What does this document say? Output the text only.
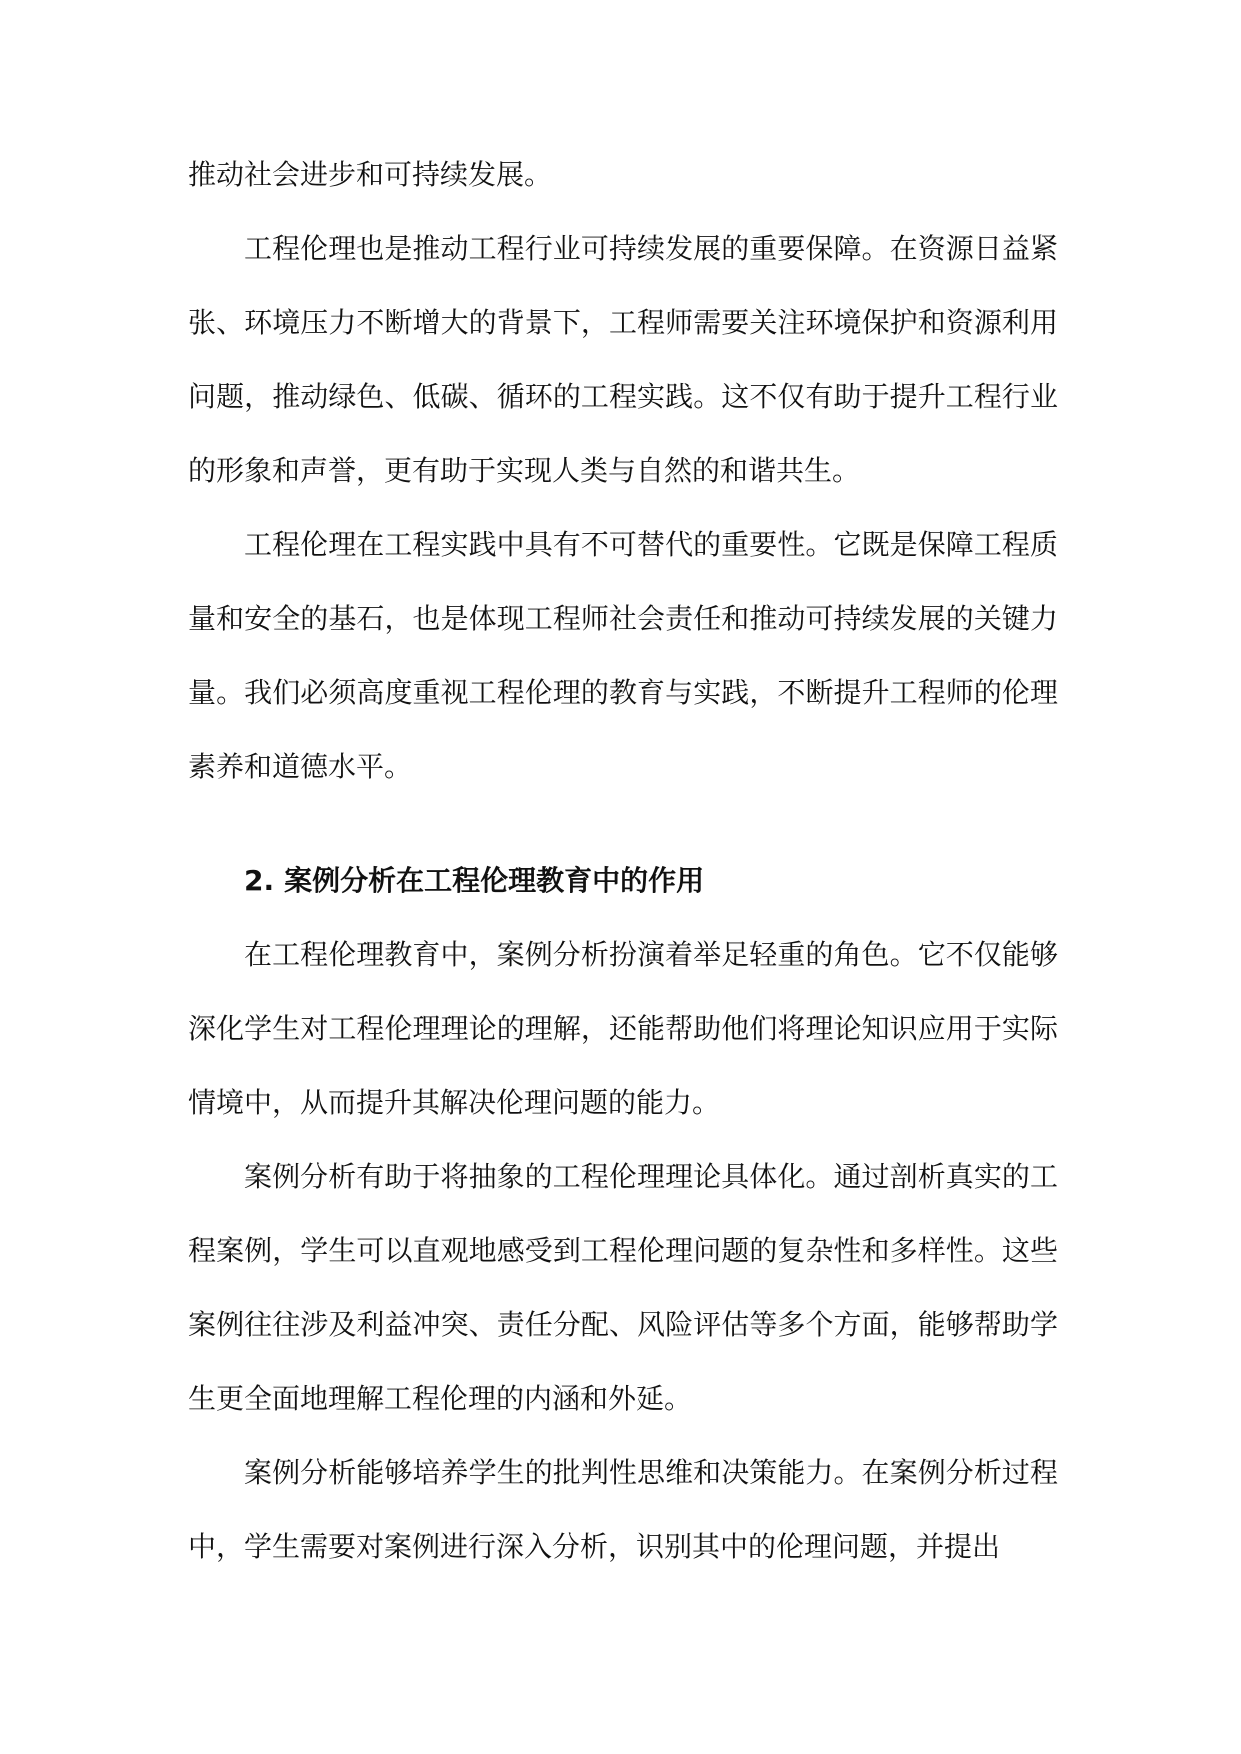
推动社会进步和可持续发展。

工程伦理也是推动工程行业可持续发展的重要保障。在资源日益紧张、环境压力不断增大的背景下，工程师需要关注环境保护和资源利用问题，推动绿色、低碳、循环的工程实践。这不仅有助于提升工程行业的形象和声誉，更有助于实现人类与自然的和谐共生。

工程伦理在工程实践中具有不可替代的重要性。它既是保障工程质量和安全的基石，也是体现工程师社会责任和推动可持续发展的关键力量。我们必须高度重视工程伦理的教育与实践，不断提升工程师的伦理素养和道德水平。

2. 案例分析在工程伦理教育中的作用

在工程伦理教育中，案例分析扮演着举足轻重的角色。它不仅能够深化学生对工程伦理理论的理解，还能帮助他们将理论知识应用于实际情境中，从而提升其解决伦理问题的能力。

案例分析有助于将抽象的工程伦理理论具体化。通过剖析真实的工程案例，学生可以直观地感受到工程伦理问题的复杂性和多样性。这些案例往往涉及利益冲突、责任分配、风险评估等多个方面，能够帮助学生更全面地理解工程伦理的内涵和外延。

案例分析能够培养学生的批判性思维和决策能力。在案例分析过程中，学生需要对案例进行深入分析，识别其中的伦理问题，并提出
